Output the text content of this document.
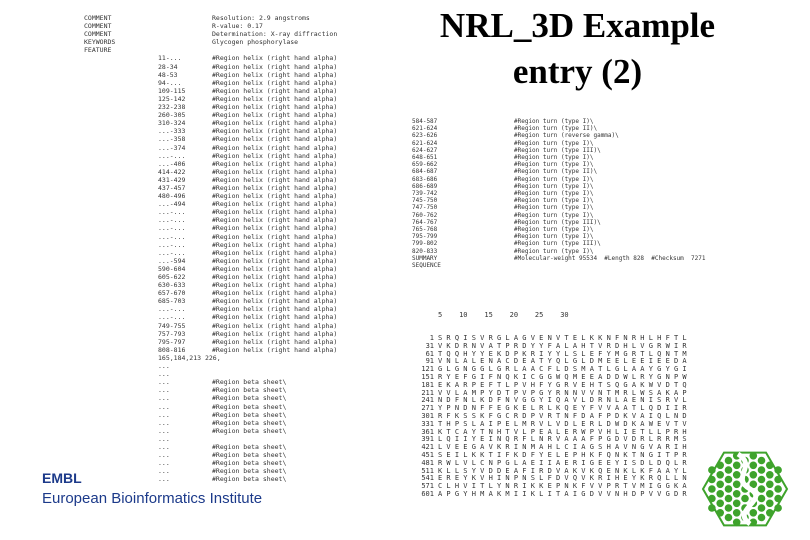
NRL_3D Example
entry (2)
COMMENT	Resolution: 2.9 angstroms
COMMENT	R-value: 0.17
COMMENT	Determination: X-ray diffraction
KEYWORDS	Glycogen phosphorylase
FEATURE
11-...	#Region helix (right hand alpha)
28-34	#Region helix (right hand alpha)
48-53	#Region helix (right hand alpha)
94-...	#Region helix (right hand alpha)
109-115	#Region helix (right hand alpha)
125-142	#Region helix (right hand alpha)
232-238	#Region helix (right hand alpha)
260-305	#Region helix (right hand alpha)
310-324	#Region helix (right hand alpha)
...-333	#Region helix (right hand alpha)
...-358	#Region helix (right hand alpha)
...-374	#Region helix (right hand alpha)
...-...	#Region helix (right hand alpha)
...-406	#Region helix (right hand alpha)
414-422	#Region helix (right hand alpha)
431-429	#Region helix (right hand alpha)
437-457	#Region helix (right hand alpha)
480-496	#Region helix (right hand alpha)
...-494	#Region helix (right hand alpha)
...-...	#Region helix (right hand alpha)
...-...	#Region helix (right hand alpha)
...-...	#Region helix (right hand alpha)
...-...	#Region helix (right hand alpha)
...-...	#Region helix (right hand alpha)
...-...	#Region helix (right hand alpha)
...-594	#Region helix (right hand alpha)
590-604	#Region helix (right hand alpha)
605-622	#Region helix (right hand alpha)
630-633	#Region helix (right hand alpha)
657-670	#Region helix (right hand alpha)
685-703	#Region helix (right hand alpha)
...-...	#Region helix (right hand alpha)
...-...	#Region helix (right hand alpha)
749-755	#Region helix (right hand alpha)
757-793	#Region helix (right hand alpha)
795-797	#Region helix (right hand alpha)
808-816	#Region helix (right hand alpha)
165,184,213 226,
...
...
...	#Region beta sheet\
...	#Region beta sheet\
...	#Region beta sheet\
...	#Region beta sheet\
...	#Region beta sheet\
...	#Region beta sheet\
...	#Region beta sheet\
...
...	#Region beta sheet\
...	#Region beta sheet\
...	#Region beta sheet\
...	#Region beta sheet\
...	#Region beta sheet\
584-587	#Region turn (type I)\
621-624	#Region turn (type II)\
623-626	#Region turn (reverse gamma)\
621-624	#Region turn (type I)\
624-627	#Region turn (type III)\
648-651	#Region turn (type I)\
659-662	#Region turn (type I)\
684-687	#Region turn (type II)\
683-686	#Region turn (type I)\
686-689	#Region turn (type I)\
739-742	#Region turn (type I)\
745-750	#Region turn (type I)\
747-750	#Region turn (type I)\
760-762	#Region turn (type I)\
764-767	#Region turn (type III)\
765-768	#Region turn (type I)\
795-799	#Region turn (type I)\
799-802	#Region turn (type III)\
820-833	#Region turn (type I)\
SUMMARY	#Molecular-weight 95534  #Length 828  #Checksum  7271
SEQUENCE

5    10    15    20    25    30

1 S R Q I S V R G L A G V E N V T E L K K N F N R H L H F T L
31 V K D R N V A T P R D Y Y F A L A H T V R D H L V G R W I R
61 T Q Q H Y Y E K D P K R I Y Y L S L E F Y M G R T L Q N T M
91 V N L A L E N A C D E A T Y Q L G L D M E E L E E I E E D A
121 G L G N G G L G R L A A C F L D S M A T L G L A A Y G Y G I
151 R Y E F G I F N Q K I C G G W Q M E E A D D W L R Y G N P W
181 E K A R P E F T L P V H F Y G R V E H T S Q G A K W V D T Q
211 V V L A M P Y D T P V P G Y R N N V V N T M R L W S A K A P
241 N D F N L K D F N V G G Y I Q A V L D R N L A E N I S R V L
271 Y P N D N F F E G K E L R L K Q E Y F V V A A T L Q D I I R
301 R F K S S K F G C R D P V R T N F D A F P D K V A I Q L N D
331 T H P S L A I P E L M R V L V D L E R L D W D K A W E V T V
361 K T C A Y T N H T V L P E A L E R W P V H L I E T L L P R H
391 L Q I I Y E I N Q R F L N R V A A A F P G D V D R L R R M S
421 L V E E G A V K R I N M A H L C I A G S H A V N G V A R I H
451 S E I L K K T I F K D F Y E L E P H K F Q N K T N G I T P R
481 R W L V L C N P G L A E I I A E R I G E E Y I S D L D Q L R
511 K L L S Y V D D E A F I R D V A K V K Q E N K L K F A A Y L
541 E R E Y K V H I N P N S L F D V Q V K R I H E Y K R Q L L N
571 C L H V I T L Y N R I K K E P N K F V V P R T V M I G G K A
601 A P G Y H M A K M I I K L I T A I G D V V N H D P V V G D R
EMBL
European Bioinformatics Institute
